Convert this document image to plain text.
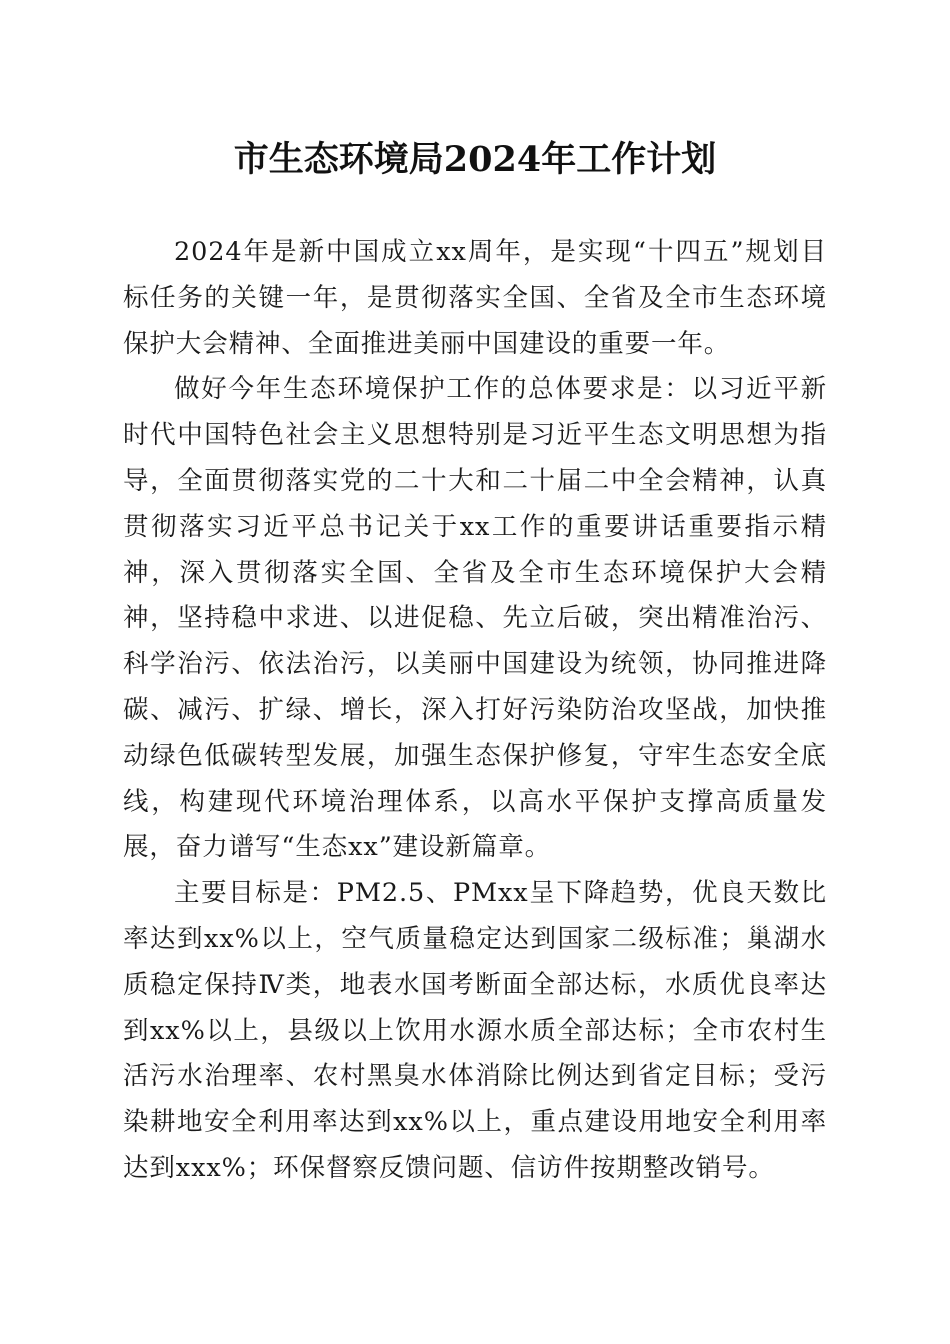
市生态环境局2024年工作计划

2024年是新中国成立xx周年，是实现“十四五”规划目标任务的关键一年，是贯彻落实全国、全省及全市生态环境保护大会精神、全面推进美丽中国建设的重要一年。

做好今年生态环境保护工作的总体要求是：以习近平新时代中国特色社会主义思想特别是习近平生态文明思想为指导，全面贯彻落实党的二十大和二十届二中全会精神，认真贯彻落实习近平总书记关于xx工作的重要讲话重要指示精神，深入贯彻落实全国、全省及全市生态环境保护大会精神，坚持稳中求进、以进促稳、先立后破，突出精准治污、科学治污、依法治污，以美丽中国建设为统领，协同推进降碳、减污、扩绿、增长，深入打好污染防治攻坚战，加快推动绿色低碳转型发展，加强生态保护修复，守牢生态安全底线，构建现代环境治理体系，以高水平保护支撑高质量发展，奋力谱写“生态xx”建设新篇章。

主要目标是：PM2.5、PMxx呈下降趋势，优良天数比率达到xx%以上，空气质量稳定达到国家二级标准；巢湖水质稳定保持Ⅳ类，地表水国考断面全部达标，水质优良率达到xx%以上，县级以上饮用水源水质全部达标；全市农村生活污水治理率、农村黑臭水体消除比例达到省定目标；受污染耕地安全利用率达到xx%以上，重点建设用地安全利用率达到xxx%；环保督察反馈问题、信访件按期整改销号。
